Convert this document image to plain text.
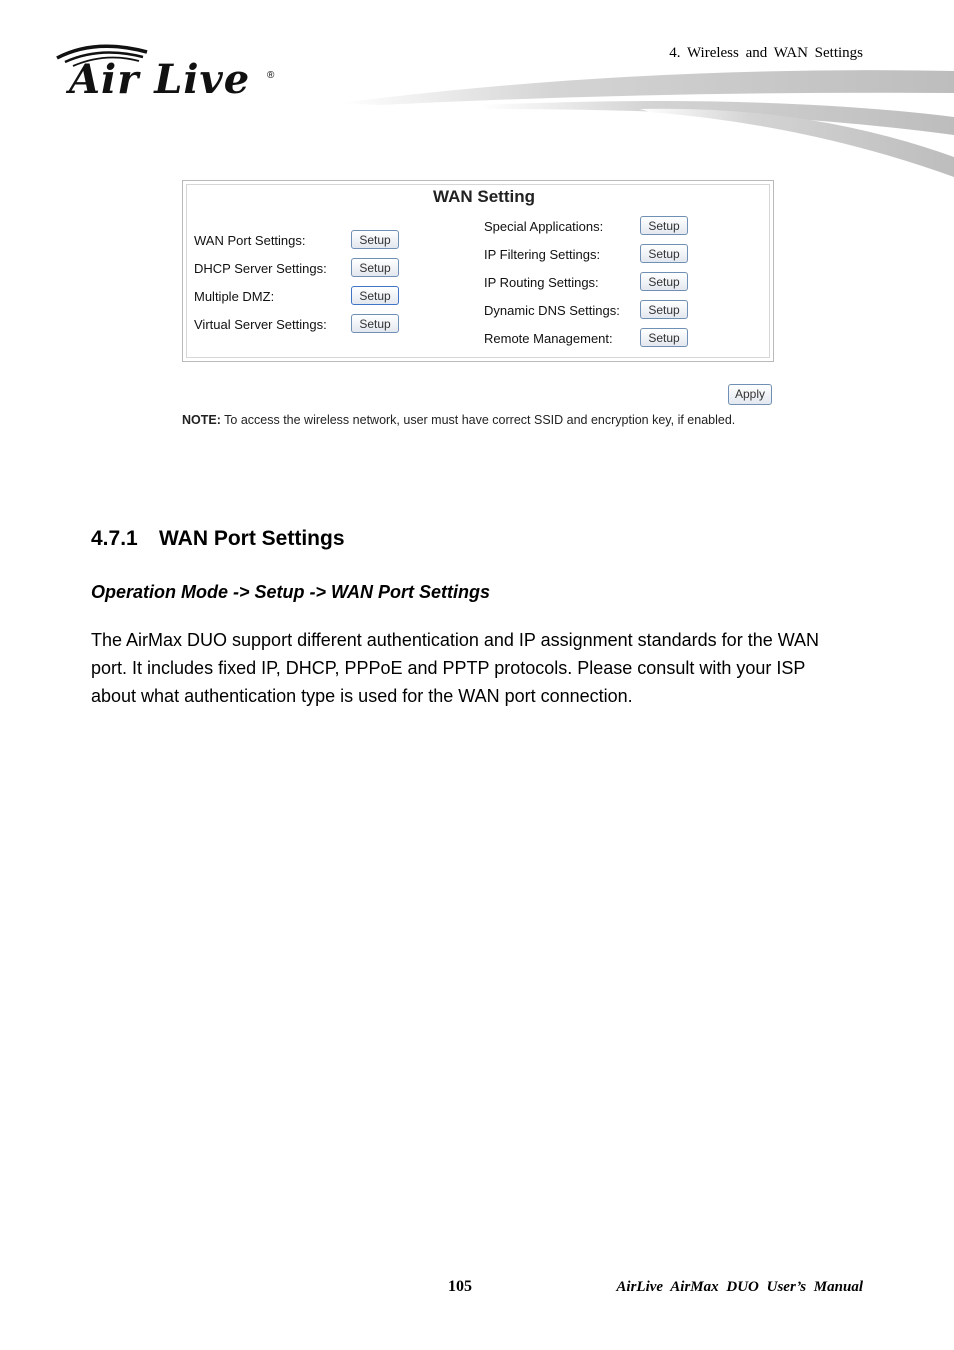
4. Wireless and WAN Settings
Air Live ®
WAN Setting
WAN Port Settings:	Setup
DHCP Server Settings:	Setup
Multiple DMZ:	Setup
Virtual Server Settings:	Setup
Special Applications:	Setup
IP Filtering Settings:	Setup
IP Routing Settings:	Setup
Dynamic DNS Settings:	Setup
Remote Management:	Setup
Apply
NOTE: To access the wireless network, user must have correct SSID and encryption key, if enabled.
4.7.1 WAN Port Settings
Operation Mode -> Setup -> WAN Port Settings
The AirMax DUO support different authentication and IP assignment standards for the WAN port. It includes fixed IP, DHCP, PPPoE and PPTP protocols. Please consult with your ISP about what authentication type is used for the WAN port connection.
105	AirLive AirMax DUO User’s Manual
